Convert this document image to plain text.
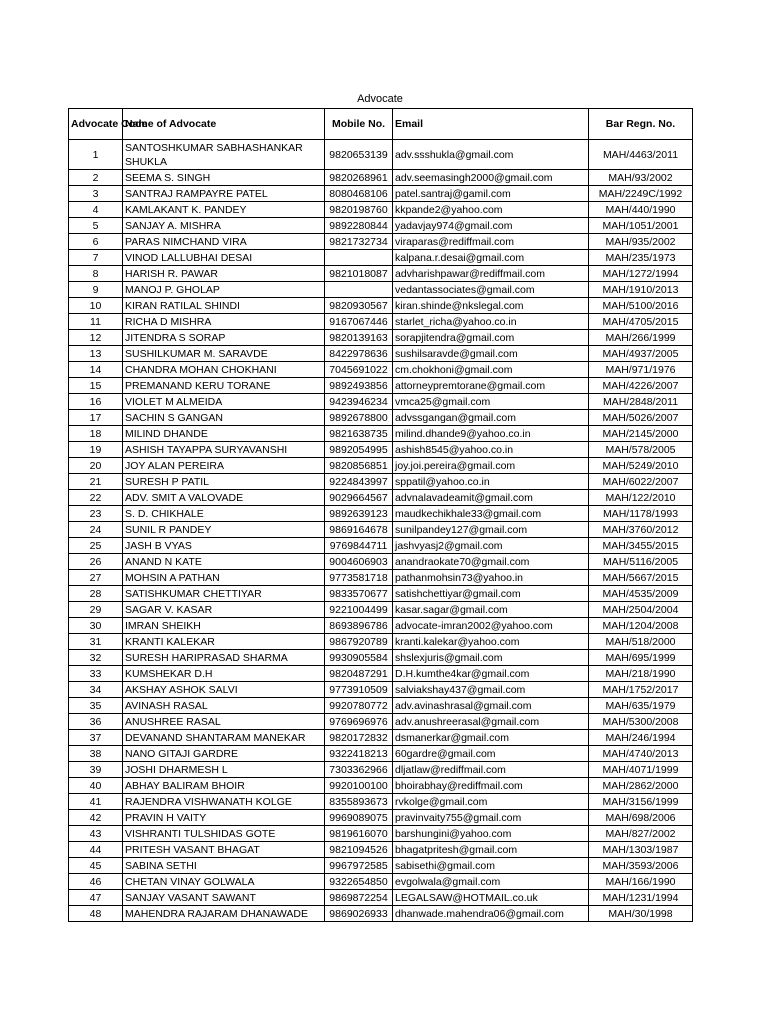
Advocate
Advocate Code	Name of Advocate	Mobile No.	Email	Bar Regn. No.
1	SANTOSHKUMAR SABHASHANKAR SHUKLA	9820653139	adv.ssshukla@gmail.com	MAH/4463/2011
2	SEEMA S. SINGH	9820268961	adv.seemasingh2000@gmail.com	MAH/93/2002
3	SANTRAJ RAMPAYRE PATEL	8080468106	patel.santraj@gamil.com	MAH/2249C/1992
4	KAMLAKANT K. PANDEY	9820198760	kkpande2@yahoo.com	MAH/440/1990
5	SANJAY A. MISHRA	9892280844	yadavjay974@gmail.com	MAH/1051/2001
6	PARAS NIMCHAND VIRA	9821732734	viraparas@rediffmail.com	MAH/935/2002
7	VINOD LALLUBHAI DESAI		kalpana.r.desai@gmail.com	MAH/235/1973
8	HARISH R. PAWAR	9821018087	advharishpawar@rediffmail.com	MAH/1272/1994
9	MANOJ P. GHOLAP		vedantassociates@gmail.com	MAH/1910/2013
10	KIRAN RATILAL SHINDI	9820930567	kiran.shinde@nkslegal.com	MAH/5100/2016
11	RICHA D MISHRA	9167067446	starlet_richa@yahoo.co.in	MAH/4705/2015
12	JITENDRA S SORAP	9820139163	sorapjitendra@gmail.com	MAH/266/1999
13	SUSHILKUMAR M. SARAVDE	8422978636	sushilsaravde@gmail.com	MAH/4937/2005
14	CHANDRA MOHAN CHOKHANI	7045691022	cm.chokhoni@gmail.com	MAH/971/1976
15	PREMANAND KERU TORANE	9892493856	attorneypremtorane@gmail.com	MAH/4226/2007
16	VIOLET M ALMEIDA	9423946234	vmca25@gmail.com	MAH/2848/2011
17	SACHIN S GANGAN	9892678800	advssgangan@gmail.com	MAH/5026/2007
18	MILIND DHANDE	9821638735	milind.dhande9@yahoo.co.in	MAH/2145/2000
19	ASHISH TAYAPPA SURYAVANSHI	9892054995	ashish8545@yahoo.co.in	MAH/578/2005
20	JOY ALAN PEREIRA	9820856851	joy.joi.pereira@gmail.com	MAH/5249/2010
21	SURESH P PATIL	9224843997	sppatil@yahoo.co.in	MAH/6022/2007
22	ADV. SMIT A VALOVADE	9029664567	advnalavadeamit@gmail.com	MAH/122/2010
23	S. D. CHIKHALE	9892639123	maudkechikhale33@gmail.com	MAH/1178/1993
24	SUNIL R PANDEY	9869164678	sunilpandey127@gmail.com	MAH/3760/2012
25	JASH B VYAS	9769844711	jashvyasj2@gmail.com	MAH/3455/2015
26	ANAND N KATE	9004606903	anandraokate70@gmail.com	MAH/5116/2005
27	MOHSIN A PATHAN	9773581718	pathanmohsin73@yahoo.in	MAH/5667/2015
28	SATISHKUMAR CHETTIYAR	9833570677	satishchettiyar@gmail.com	MAH/4535/2009
29	SAGAR V. KASAR	9221004499	kasar.sagar@gmail.com	MAH/2504/2004
30	IMRAN SHEIKH	8693896786	advocate-imran2002@yahoo.com	MAH/1204/2008
31	KRANTI KALEKAR	9867920789	kranti.kalekar@yahoo.com	MAH/518/2000
32	SURESH HARIPRASAD SHARMA	9930905584	shslexjuris@gmail.com	MAH/695/1999
33	KUMSHEKAR D.H	9820487291	D.H.kumthe4kar@gmail.com	MAH/218/1990
34	AKSHAY ASHOK SALVI	9773910509	salviakshay437@gmail.com	MAH/1752/2017
35	AVINASH RASAL	9920780772	adv.avinashrasal@gmail.com	MAH/635/1979
36	ANUSHREE RASAL	9769696976	adv.anushreerasal@gmail.com	MAH/5300/2008
37	DEVANAND SHANTARAM MANEKAR	9820172832	dsmanerkar@gmail.com	MAH/246/1994
38	NANO GITAJI GARDRE	9322418213	60gardre@gmail.com	MAH/4740/2013
39	JOSHI DHARMESH L	7303362966	dljatlaw@rediffmail.com	MAH/4071/1999
40	ABHAY BALIRAM BHOIR	9920100100	bhoirabhay@rediffmail.com	MAH/2862/2000
41	RAJENDRA VISHWANATH KOLGE	8355893673	rvkolge@gmail.com	MAH/3156/1999
42	PRAVIN H VAITY	9969089075	pravinvaity755@gmail.com	MAH/698/2006
43	VISHRANTI TULSHIDAS GOTE	9819616070	barshungini@yahoo.com	MAH/827/2002
44	PRITESH VASANT BHAGAT	9821094526	bhagatpritesh@gmail.com	MAH/1303/1987
45	SABINA SETHI	9967972585	sabisethi@gmail.com	MAH/3593/2006
46	CHETAN VINAY GOLWALA	9322654850	evgolwala@gmail.com	MAH/166/1990
47	SANJAY VASANT SAWANT	9869872254	LEGALSAW@HOTMAIL.co.uk	MAH/1231/1994
48	MAHENDRA RAJARAM DHANAWADE	9869026933	dhanwade.mahendra06@gmail.com	MAH/30/1998
